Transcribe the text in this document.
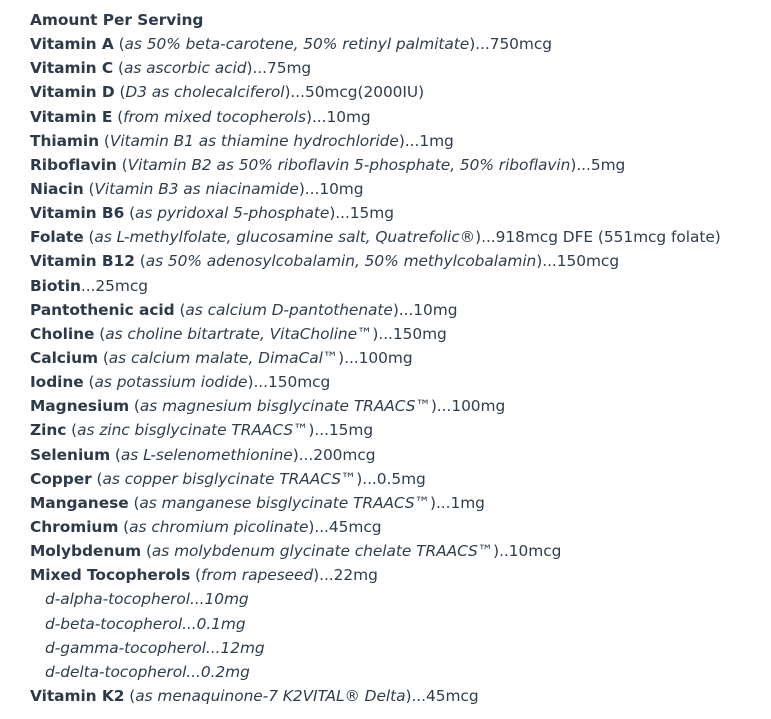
Amount Per Serving
Vitamin A (as 50% beta-carotene, 50% retinyl palmitate)...750mcg
Vitamin C (as ascorbic acid)...75mg
Vitamin D (D3 as cholecalciferol)...50mcg(2000IU)
Vitamin E (from mixed tocopherols)...10mg
Thiamin (Vitamin B1 as thiamine hydrochloride)...1mg
Riboflavin (Vitamin B2 as 50% riboflavin 5-phosphate, 50% riboflavin)...5mg
Niacin (Vitamin B3 as niacinamide)...10mg
Vitamin B6 (as pyridoxal 5-phosphate)...15mg
Folate (as L-methylfolate, glucosamine salt, Quatrefolic®)...918mcg DFE (551mcg folate)
Vitamin B12 (as 50% adenosylcobalamin, 50% methylcobalamin)...150mcg
Biotin...25mcg
Pantothenic acid (as calcium D-pantothenate)...10mg
Choline (as choline bitartrate, VitaCholine™)...150mg
Calcium (as calcium malate, DimaCal™)...100mg
Iodine (as potassium iodide)...150mcg
Magnesium (as magnesium bisglycinate TRAACS™)...100mg
Zinc (as zinc bisglycinate TRAACS™)...15mg
Selenium (as L-selenomethionine)...200mcg
Copper (as copper bisglycinate TRAACS™)...0.5mg
Manganese (as manganese bisglycinate TRAACS™)...1mg
Chromium (as chromium picolinate)...45mcg
Molybdenum (as molybdenum glycinate chelate TRAACS™)..10mcg
Mixed Tocopherols (from rapeseed)...22mg
d-alpha-tocopherol...10mg
d-beta-tocopherol...0.1mg
d-gamma-tocopherol...12mg
d-delta-tocopherol...0.2mg
Vitamin K2 (as menaquinone-7 K2VITAL® Delta)...45mcg
